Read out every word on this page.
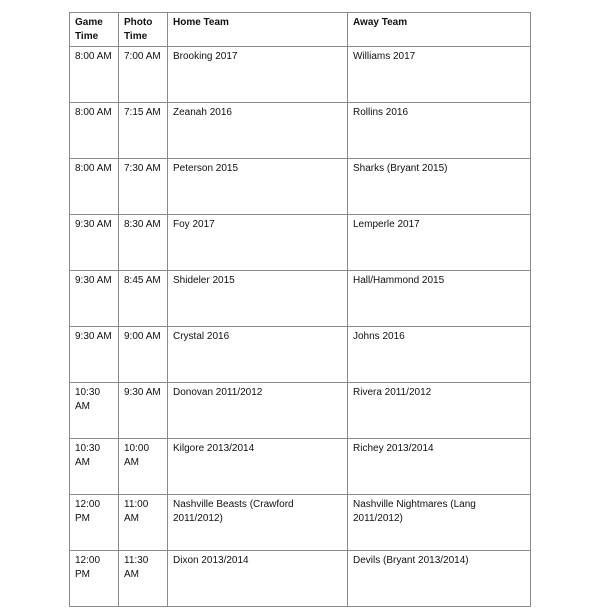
Game Time	Photo Time	Home Team	Away Team
8:00 AM	7:00 AM	Brooking 2017	Williams 2017
8:00 AM	7:15 AM	Zeanah 2016	Rollins 2016
8:00 AM	7:30 AM	Peterson 2015	Sharks (Bryant 2015)
9:30 AM	8:30 AM	Foy 2017	Lemperle 2017
9:30 AM	8:45 AM	Shideler 2015	Hall/Hammond 2015
9:30 AM	9:00 AM	Crystal 2016	Johns 2016
10:30 AM	9:30 AM	Donovan 2011/2012	Rivera 2011/2012
10:30 AM	10:00 AM	Kilgore 2013/2014	Richey 2013/2014
12:00 PM	11:00 AM	Nashville Beasts (Crawford 2011/2012)	Nashville Nightmares (Lang 2011/2012)
12:00 PM	11:30 AM	Dixon 2013/2014	Devils (Bryant 2013/2014)
